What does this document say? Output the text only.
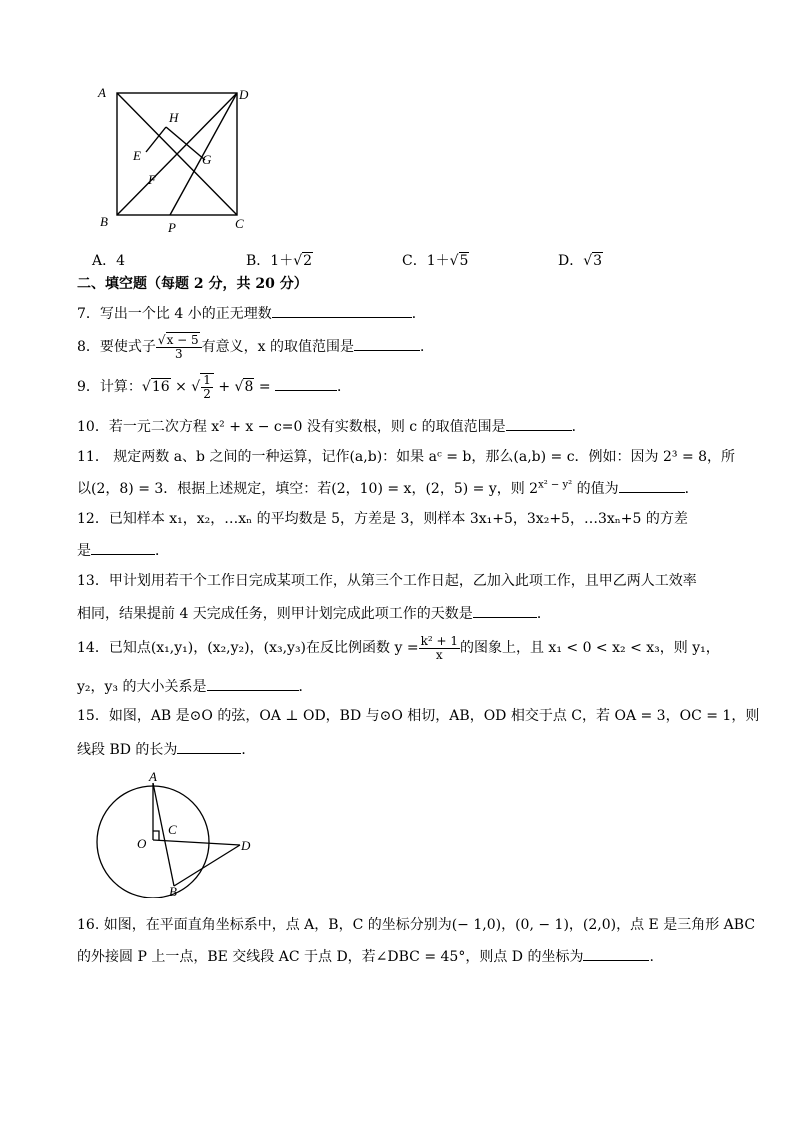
A	D
H
E	G
F
B	P	C
A．4	B．1＋√2	C．1＋√5	D．√3
二、填空题（每题 2 分，共 20 分）
7．写出一个比 4 小的正无理数	．
8．要使式子 $\frac{√x - 5}{3}$ 有意义，x 的取值范围是	．
9．计算：√16 × √ $\frac{1}{2} + √8$ =	．
10．若一元二次方程 x² + x − c=0 没有实数根，则 c 的取值范围是	．
11． 规定两数 a、b 之间的一种运算，记作(a,b)：如果 aᶜ = b，那么(a,b) = c．例如：因为 2³ = 8，所
以(2，8) = 3．根据上述规定，填空：若(2，10) = x，(2，5) = y，则 $2^{x^2 - y^2}$ 的值为	．
12．已知样本 x₁，x₂，…xₙ 的平均数是 5，方差是 3，则样本 3x₁+5，3x₂+5，…3xₙ+5 的方差
是	．
13．甲计划用若干个工作日完成某项工作，从第三个工作日起，乙加入此项工作，且甲乙两人工效率
相同，结果提前 4 天完成任务，则甲计划完成此项工作的天数是	．
14．已知点(x₁,y₁)，(x₂,y₂)，(x₃,y₃)在反比例函数 $y = \frac{\text{k² + 1}}{x}$ 的图象上，且 x₁ < 0 < x₂ < x₃，则 y₁，
y₂，y₃ 的大小关系是	．
15．如图，AB 是⊙O 的弦，OA ⊥ OD，BD 与⊙O 相切，AB，OD 相交于点 C，若 OA = 3，OC = 1，则
线段 BD 的长为	．
A
C
O	D
B
16. 如图，在平面直角坐标系中，点 A，B，C 的坐标分别为(− 1,0)，(0, − 1)，(2,0)，点 E 是三角形 ABC
的外接圆 P 上一点，BE 交线段 AC 于点 D，若∠DBC = 45°，则点 D 的坐标为	.
